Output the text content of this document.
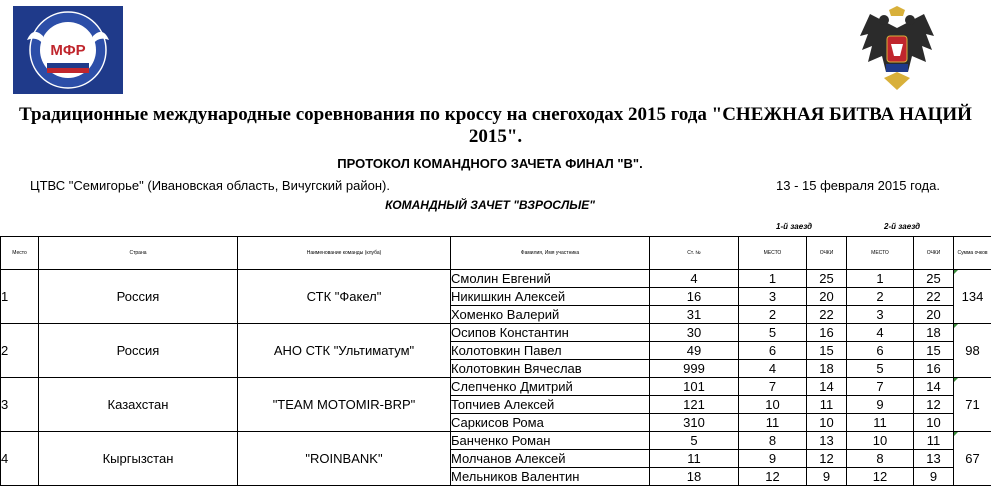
МФР
Традиционные международные соревнования по кроссу на снегоходах 2015 года "СНЕЖНАЯ БИТВА НАЦИЙ 2015".
ПРОТОКОЛ КОМАНДНОГО ЗАЧЕТА ФИНАЛ "В".
ЦТВС "Семигорье" (Ивановская область, Вичугский район).	13 - 15 февраля 2015 года.
КОМАНДНЫЙ ЗАЧЕТ "ВЗРОСЛЫЕ"
1-й заезд	2-й заезд
Место	Страна	Наименование команды (клуба)	Фамилия, Имя участника	Ст. №	МЕСТО	ОЧКИ	МЕСТО	ОЧКИ	Сумма очков
1	Россия	СТК "Факел"	Смолин Евгений	4	1	25	1	25	134
			Никишкин Алексей	16	3	20	2	22	
			Хоменко Валерий	31	2	22	3	20	
2	Россия	АНО СТК "Ультиматум"	Осипов Константин	30	5	16	4	18	98
			Колотовкин Павел	49	6	15	6	15	
			Колотовкин Вячеслав	999	4	18	5	16	
3	Казахстан	"TEAM MOTOMIR-BRP"	Слепченко Дмитрий	101	7	14	7	14	71
			Топчиев Алексей	121	10	11	9	12	
			Саркисов Рома	310	11	10	11	10	
4	Кыргызстан	"ROINBANK"	Банченко Роман	5	8	13	10	11	67
			Молчанов Алексей	11	9	12	8	13	
			Мельников Валентин	18	12	9	12	9	
